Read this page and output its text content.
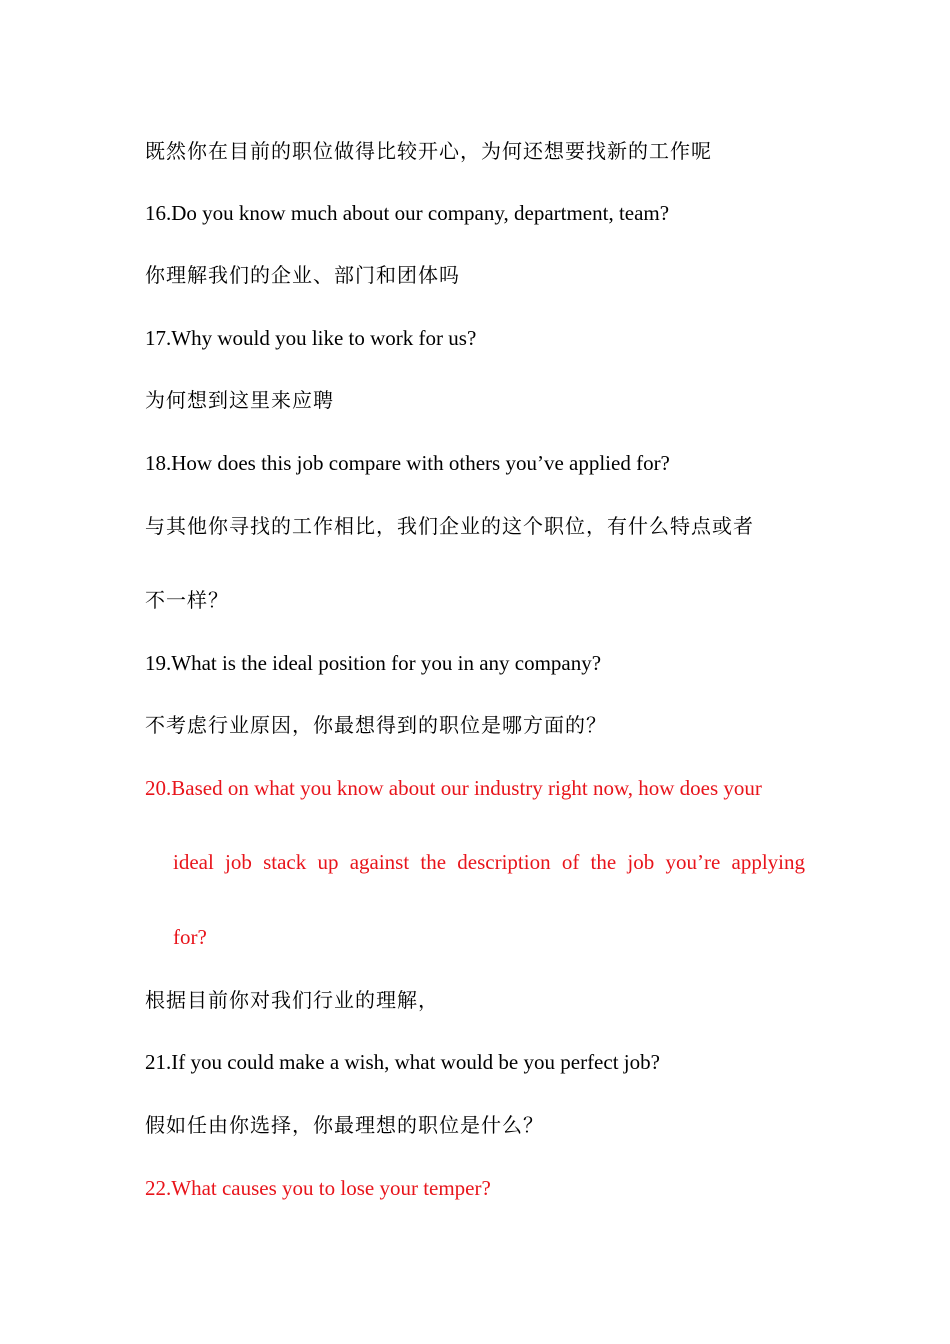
既然你在目前的职位做得比较开心，为何还想要找新的工作呢
16.Do you know much about our company, department, team?
你理解我们的企业、部门和团体吗
17.Why would you like to work for us?
为何想到这里来应聘
18.How does this job compare with others you’ve applied for?
与其他你寻找的工作相比，我们企业的这个职位，有什么特点或者
不一样？
19.What is the ideal position for you in any company?
不考虑行业原因，你最想得到的职位是哪方面的？
20.Based on what you know about our industry right now, how does your
ideal job stack up against the description of the job you’re applying
for?
根据目前你对我们行业的理解，
21.If you could make a wish, what would be you perfect job?
假如任由你选择，你最理想的职位是什么？
22.What causes you to lose your temper?
